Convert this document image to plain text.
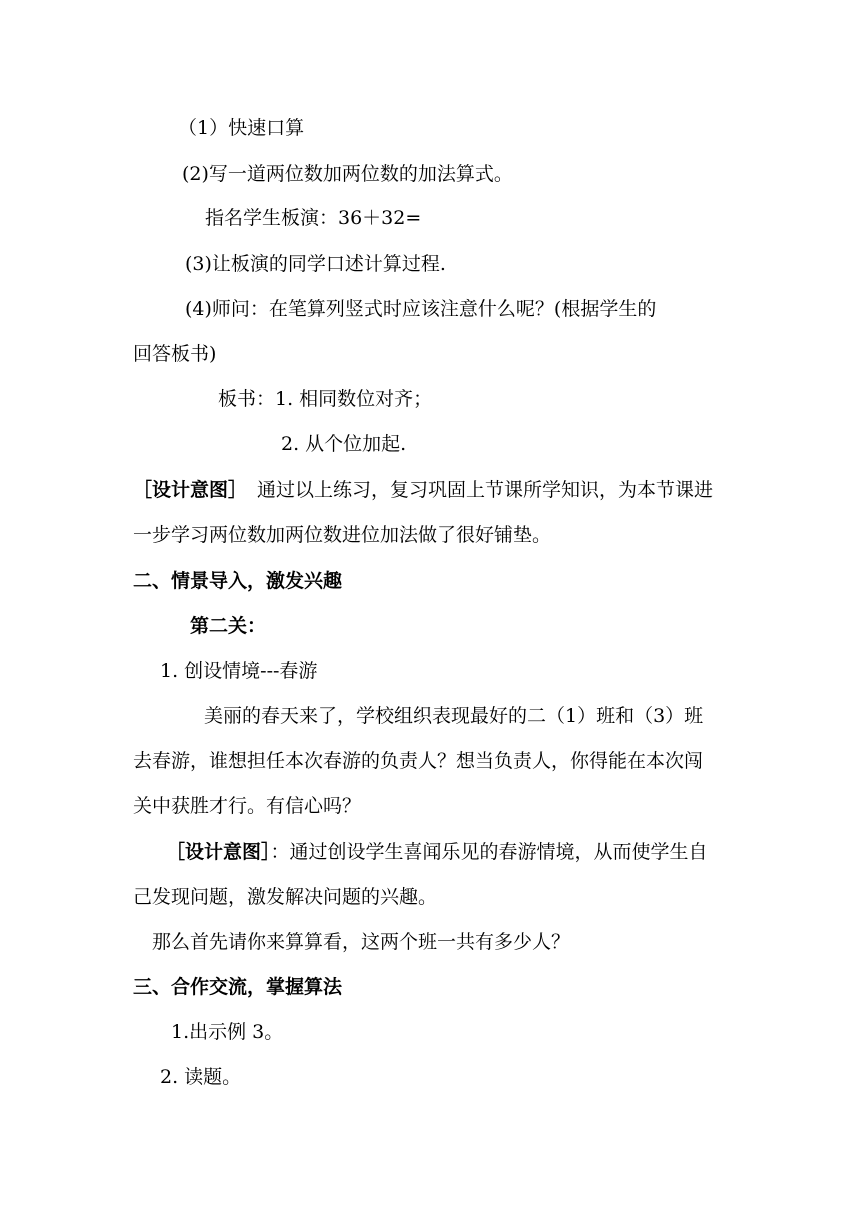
（1）快速口算
(2)写一道两位数加两位数的加法算式。
指名学生板演：36＋32=
(3)让板演的同学口述计算过程.
(4)师问：在笔算列竖式时应该注意什么呢？(根据学生的
回答板书)
板书：1. 相同数位对齐；
2. 从个位加起.
［设计意图］ 通过以上练习，复习巩固上节课所学知识，为本节课进
一步学习两位数加两位数进位加法做了很好铺垫。
二、情景导入，激发兴趣
第二关：
1. 创设情境---春游
美丽的春天来了，学校组织表现最好的二（1）班和（3）班
去春游，谁想担任本次春游的负责人？想当负责人，你得能在本次闯
关中获胜才行。有信心吗？
［设计意图］：通过创设学生喜闻乐见的春游情境，从而使学生自
己发现问题，激发解决问题的兴趣。
那么首先请你来算算看，这两个班一共有多少人？
三、合作交流，掌握算法
1.出示例 3。
2. 读题。
